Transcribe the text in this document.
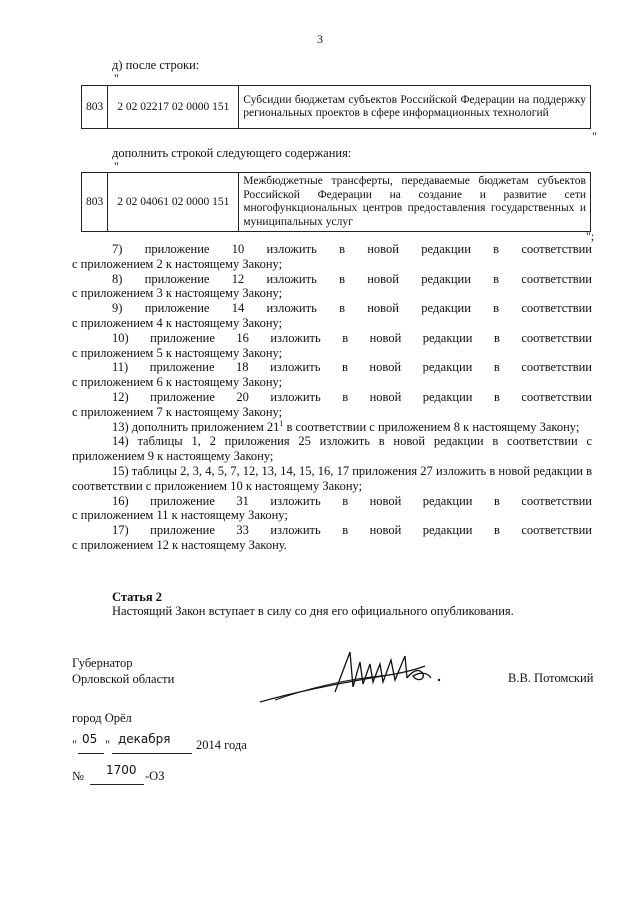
3
д) после строки:
"
803	2 02 02217 02 0000 151	Субсидии бюджетам субъектов Российской Федерации на поддержку региональных проектов в сфере информационных технологий
"
дополнить строкой следующего содержания:
"
803	2 02 04061 02 0000 151	Межбюджетные трансферты, передаваемые бюджетам субъектов Российской Федерации на создание и развитие сети многофункциональных центров предоставления государственных и муниципальных услуг
";

7) приложение 10 изложить в новой редакции в соответствии

с приложением 2 к настоящему Закону;

8) приложение 12 изложить в новой редакции в соответствии

с приложением 3 к настоящему Закону;

9) приложение 14 изложить в новой редакции в соответствии

с приложением 4 к настоящему Закону;

10) приложение 16 изложить в новой редакции в соответствии

с приложением 5 к настоящему Закону;

11) приложение 18 изложить в новой редакции в соответствии

с приложением 6 к настоящему Закону;

12) приложение 20 изложить в новой редакции в соответствии

с приложением 7 к настоящему Закону;

13) дополнить приложением $21^1$ в соответствии с приложением 8 к настоящему Закону;

14) таблицы 1, 2 приложения 25 изложить в новой редакции в соответствии с приложением 9 к настоящему Закону;

15) таблицы 2, 3, 4, 5, 7, 12, 13, 14, 15, 16, 17 приложения 27 изложить в новой редакции в соответствии с приложением 10 к настоящему Закону;

16) приложение 31 изложить в новой редакции в соответствии

с приложением 11 к настоящему Закону;

17) приложение 33 изложить в новой редакции в соответствии

с приложением 12 к настоящему Закону.

Статья 2
Настоящий Закон вступает в силу со дня его официального опубликования.
Губернатор
Орловской области	В.В. Потомский
город Орёл
" 05 " декабря 2014 года
№ 1700 -ОЗ
